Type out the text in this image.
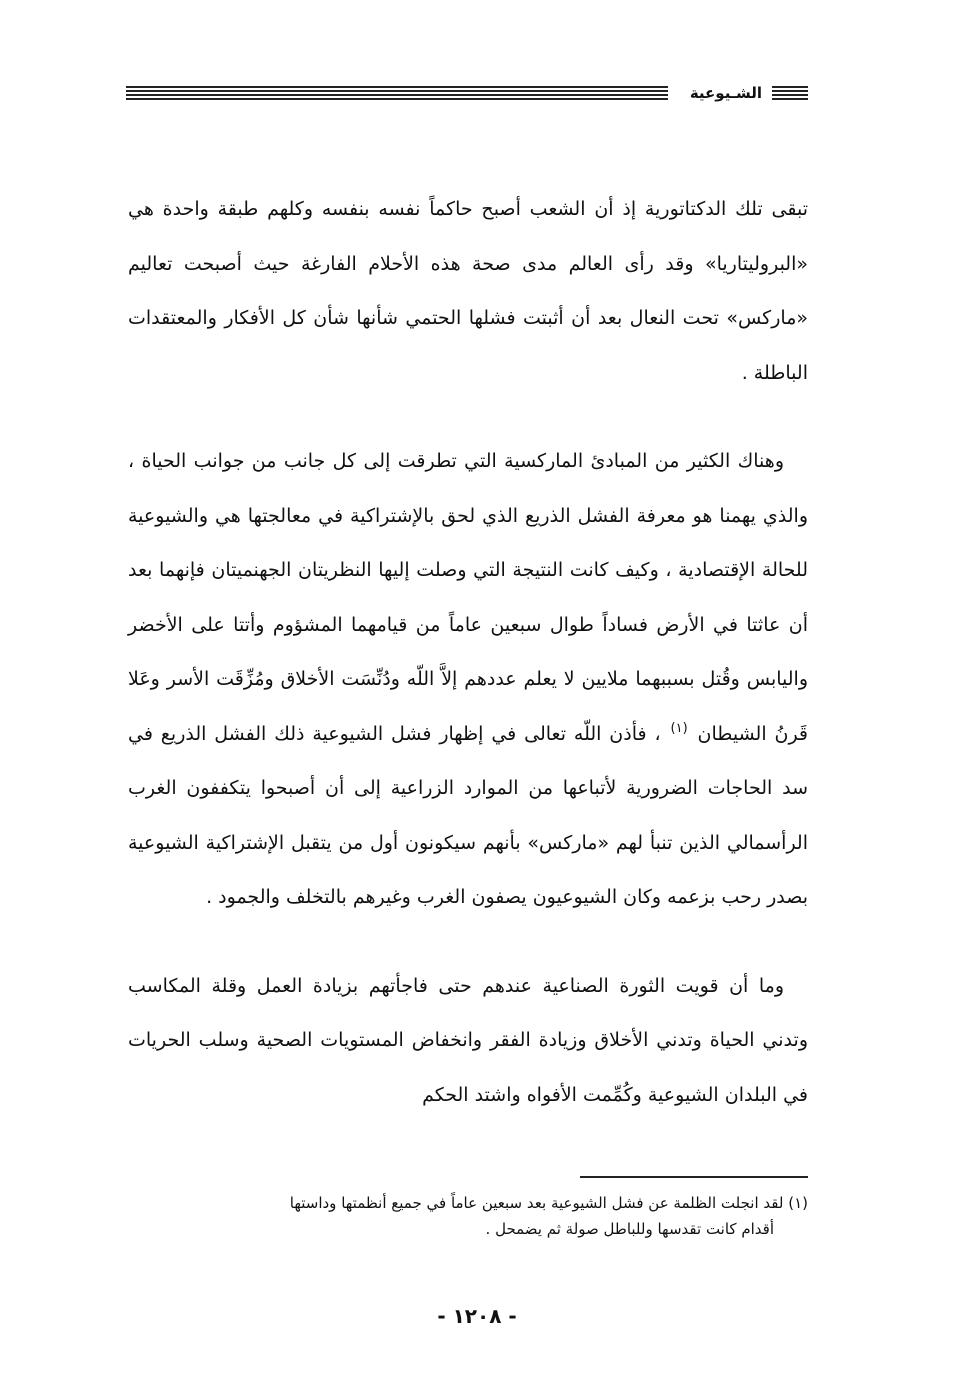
الشـيوعية

تبقى تلك الدكتاتورية إذ أن الشعب أصبح حاكماً نفسه بنفسه وكلهم طبقة واحدة هي «البروليتاريا» وقد رأى العالم مدى صحة هذه الأحلام الفارغة حيث أصبحت تعاليم «ماركس» تحت النعال بعد أن أثبتت فشلها الحتمي شأنها شأن كل الأفكار والمعتقدات الباطلة .

وهناك الكثير من المبادئ الماركسية التي تطرقت إلى كل جانب من جوانب الحياة ، والذي يهمنا هو معرفة الفشل الذريع الذي لحق بالإشتراكية في معالجتها هي والشيوعية للحالة الإقتصادية ، وكيف كانت النتيجة التي وصلت إليها النظريتان الجهنميتان فإنهما بعد أن عاثتا في الأرض فساداً طوال سبعين عاماً من قيامهما المشؤوم وأتتا على الأخضر واليابس وقُتل بسببهما ملايين لا يعلم عددهم إلاَّ اللّه ودُنِّسَت الأخلاق ومُزِّقَت الأسر وعَلا قَرنُ الشيطان $^{(١)}$ ، فأذن اللّه تعالى في إظهار فشل الشيوعية ذلك الفشل الذريع في سد الحاجات الضرورية لأتباعها من الموارد الزراعية إلى أن أصبحوا يتكففون الغرب الرأسمالي الذين تنبأ لهم «ماركس» بأنهم سيكونون أول من يتقبل الإشتراكية الشيوعية بصدر رحب بزعمه وكان الشيوعيون يصفون الغرب وغيرهم بالتخلف والجمود .

وما أن قويت الثورة الصناعية عندهم حتى فاجأتهم بزيادة العمل وقلة المكاسب وتدني الحياة وتدني الأخلاق وزيادة الفقر وانخفاض المستويات الصحية وسلب الحريات في البلدان الشيوعية وكُمِّمت الأفواه واشتد الحكم

(١) لقد انجلت الظلمة عن فشل الشيوعية بعد سبعين عاماً في جميع أنظمتها وداستها
أقدام كانت تقدسها وللباطل صولة ثم يضمحل .
- ١٢٠٨ -
